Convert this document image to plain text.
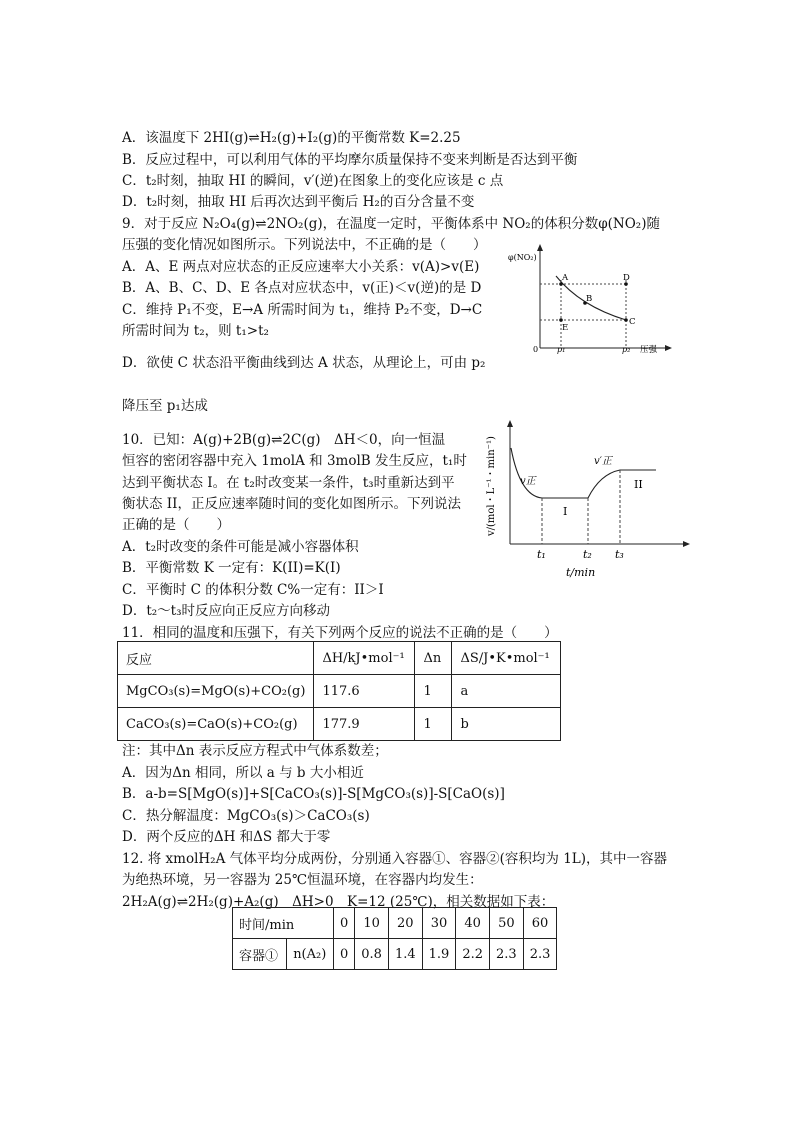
A．该温度下 2HI(g)⇌H₂(g)+I₂(g)的平衡常数 K=2.25
B．反应过程中，可以利用气体的平均摩尔质量保持不变来判断是否达到平衡
C．t₂时刻，抽取 HI 的瞬间，v′(逆)在图象上的变化应该是 c 点
D．t₂时刻，抽取 HI 后再次达到平衡后 H₂的百分含量不变
9．对于反应 N₂O₄(g)⇌2NO₂(g)，在温度一定时，平衡体系中 NO₂的体积分数φ(NO₂)随
压强的变化情况如图所示。下列说法中，不正确的是（　　）
A．A、E 两点对应状态的正反应速率大小关系：v(A)>v(E)
B．A、B、C、D、E 各点对应状态中，v(正)＜v(逆)的是 D
C．维持 P₁不变，E→A 所需时间为 t₁，维持 P₂不变，D→C
所需时间为 t₂，则 t₁>t₂
D．欲使 C 状态沿平衡曲线到达 A 状态，从理论上，可由 p₂
降压至 p₁达成
φ(NO₂)
压强
0 p₁	p₂
A
B
C
D
E
10．已知：A(g)+2B(g)⇌2C(g)　ΔH＜0，向一恒温
恒容的密闭容器中充入 1molA 和 3molB 发生反应，t₁时
达到平衡状态 I。在 t₂时改变某一条件，t₃时重新达到平
衡状态 II，正反应速率随时间的变化如图所示。下列说法
正确的是（　　）
A．t₂时改变的条件可能是减小容器体积
B．平衡常数 K 一定有：K(II)=K(I)
C．平衡时 C 的体积分数 C%一定有：II＞I
D．t₂～t₃时反应向正反应方向移动
v/(mol・L⁻¹・min⁻¹)
t/min
t₁	t₂ t₃
v正
v′正
I
II
11．相同的温度和压强下，有关下列两个反应的说法不正确的是（　　）
反应	ΔH/kJ•mol⁻¹	Δn	ΔS/J•K•mol⁻¹
MgCO₃(s)=MgO(s)+CO₂(g)	117.6	1	a
CaCO₃(s)=CaO(s)+CO₂(g)	177.9	1	b
注：其中Δn 表示反应方程式中气体系数差；
A．因为Δn 相同，所以 a 与 b 大小相近
B．a-b=S[MgO(s)]+S[CaCO₃(s)]-S[MgCO₃(s)]-S[CaO(s)]
C．热分解温度：MgCO₃(s)＞CaCO₃(s)
D．两个反应的ΔH 和ΔS 都大于零
12. 将 xmolH₂A 气体平均分成两份，分别通入容器①、容器②(容积均为 1L)，其中一容器
为绝热环境，另一容器为 25℃恒温环境，在容器内均发生：
2H₂A(g)⇌2H₂(g)+A₂(g)　ΔH>0　K=12 (25℃)，相关数据如下表：
时间/min		0	10	20	30	40	50	60
容器①	n(A₂)	0	0.8	1.4	1.9	2.2	2.3	2.3
